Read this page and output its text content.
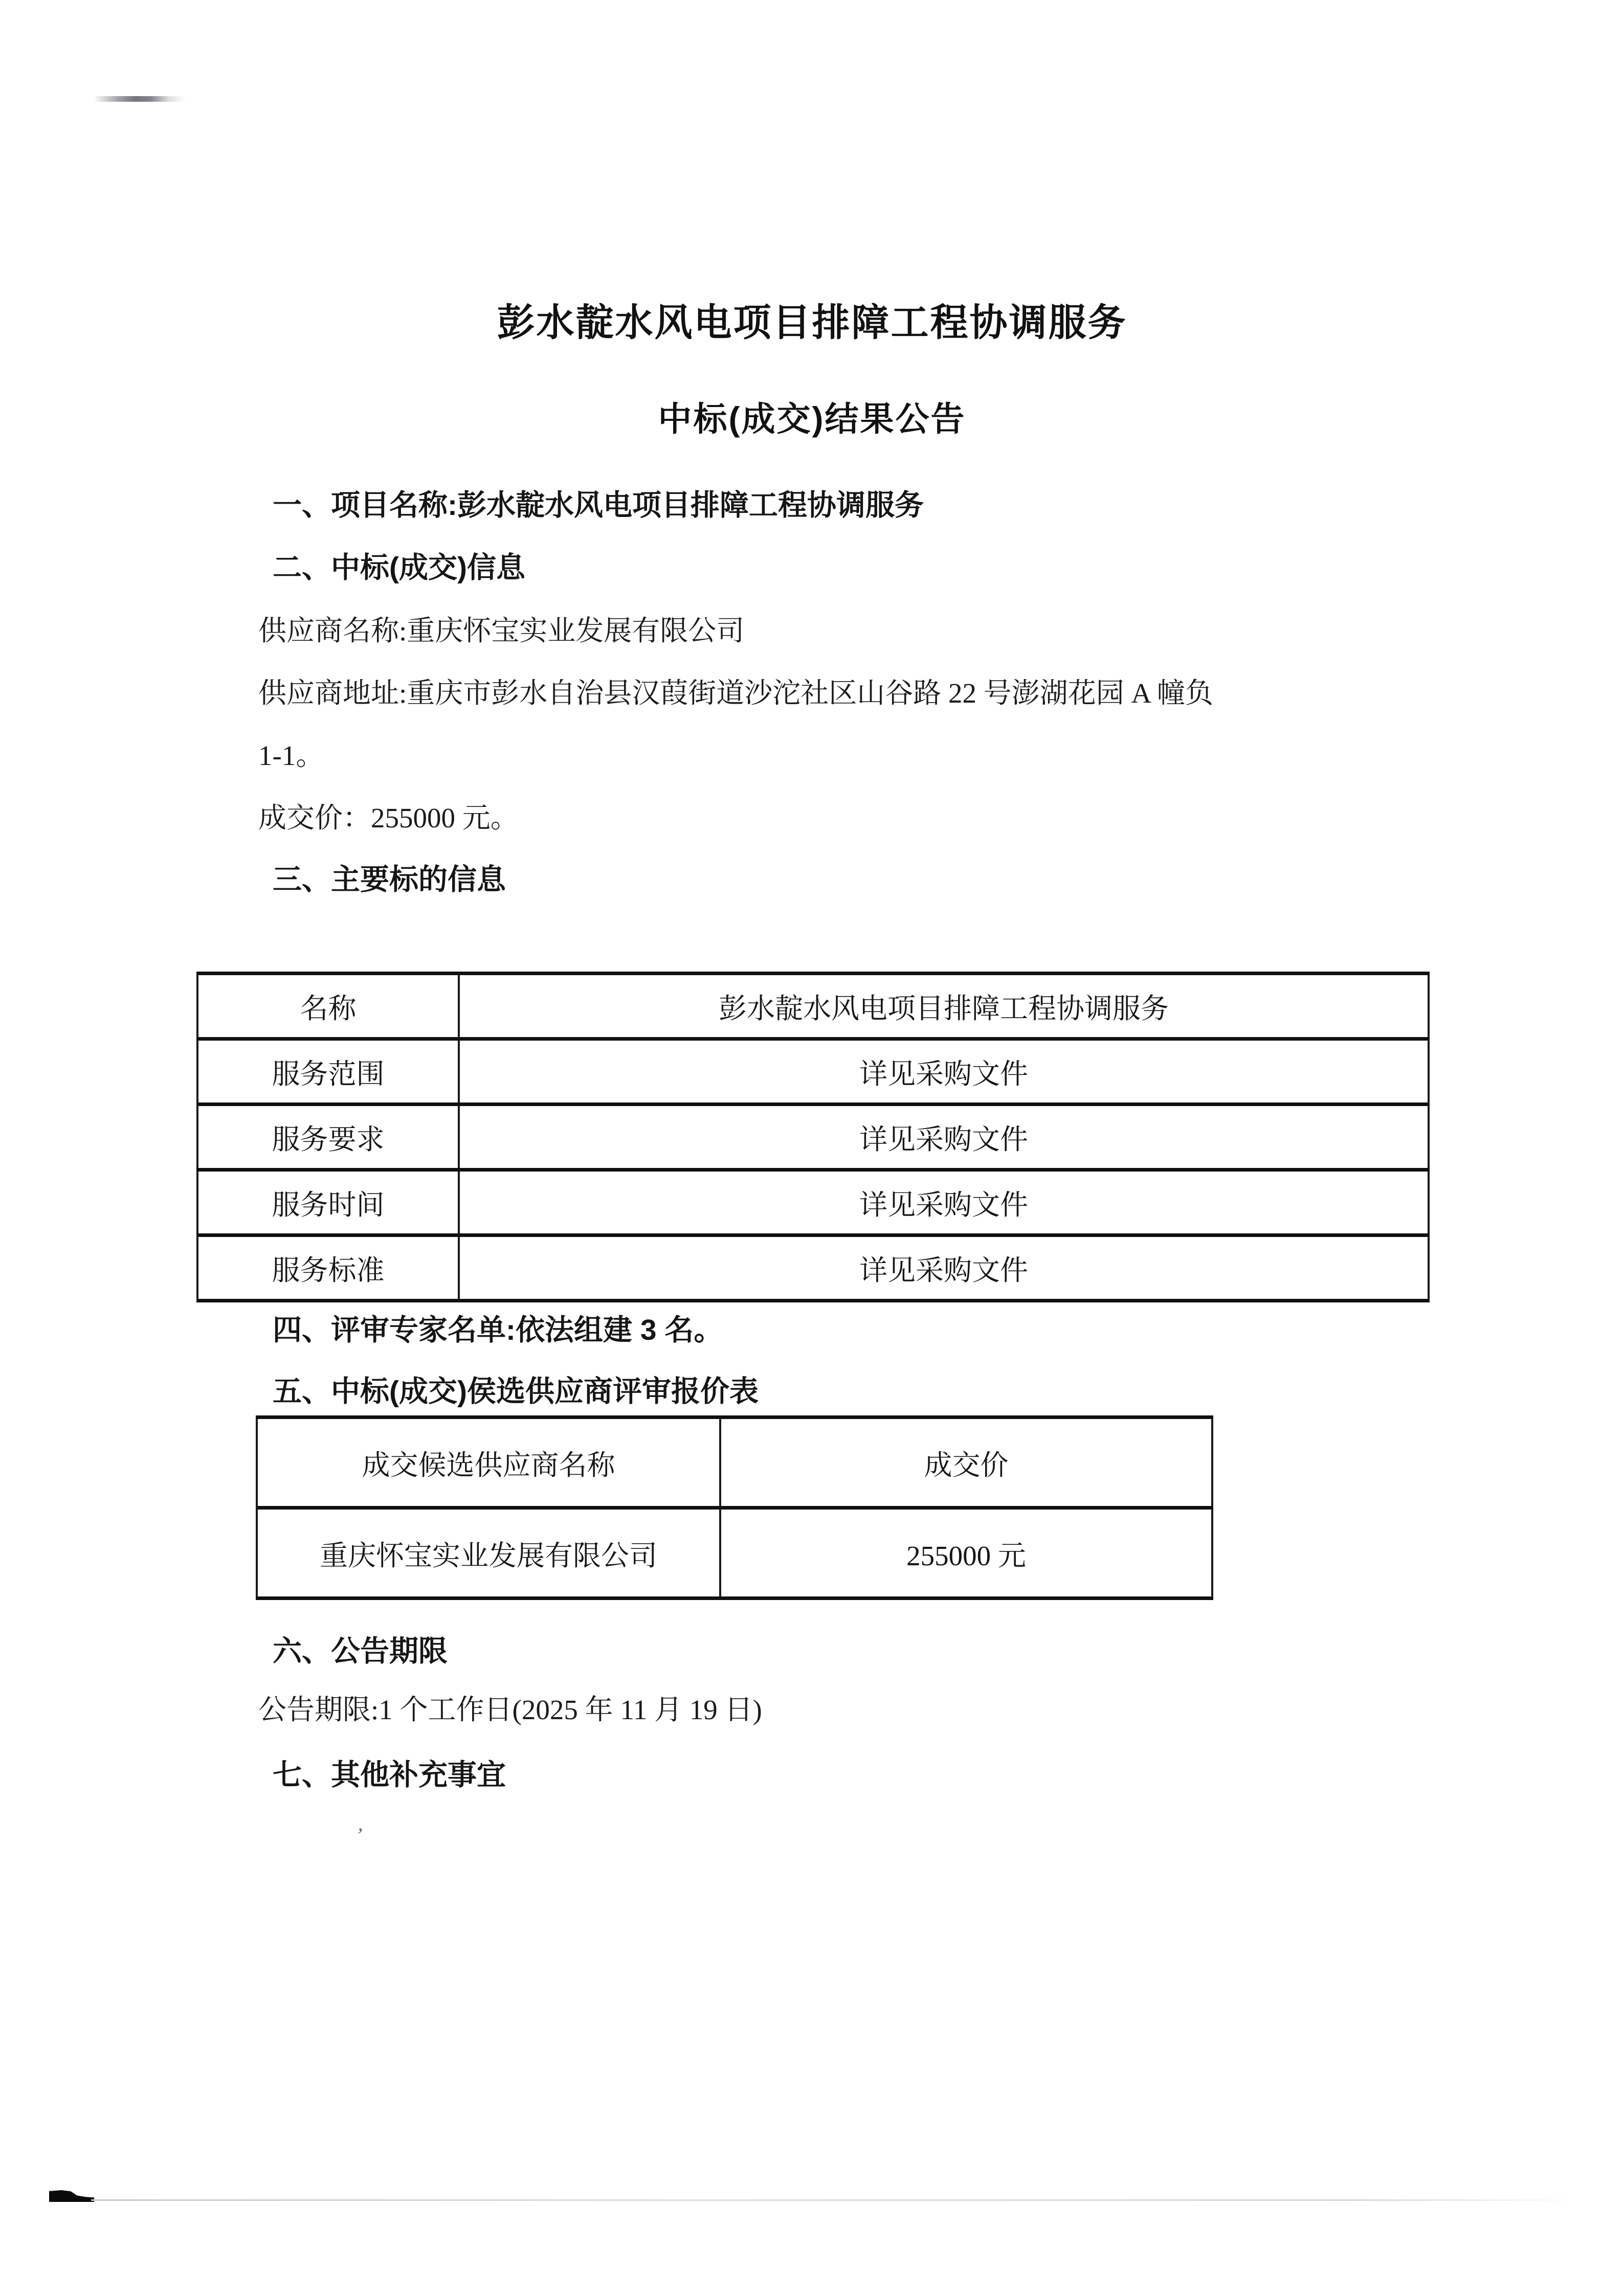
彭水靛水风电项目排障工程协调服务
中标(成交)结果公告
一、项目名称:彭水靛水风电项目排障工程协调服务
二、中标(成交)信息
供应商名称:重庆怀宝实业发展有限公司
供应商地址:重庆市彭水自治县汉葭街道沙沱社区山谷路 22 号澎湖花园 A 幢负
1-1。
成交价：255000 元。
三、主要标的信息
名称	彭水靛水风电项目排障工程协调服务
服务范围	详见采购文件
服务要求	详见采购文件
服务时间	详见采购文件
服务标准	详见采购文件
四、评审专家名单:依法组建 3 名。
五、中标(成交)侯选供应商评审报价表
成交候选供应商名称	成交价
重庆怀宝实业发展有限公司	255000 元
六、公告期限
公告期限:1 个工作日(2025 年 11 月 19 日)
七、其他补充事宜
’
